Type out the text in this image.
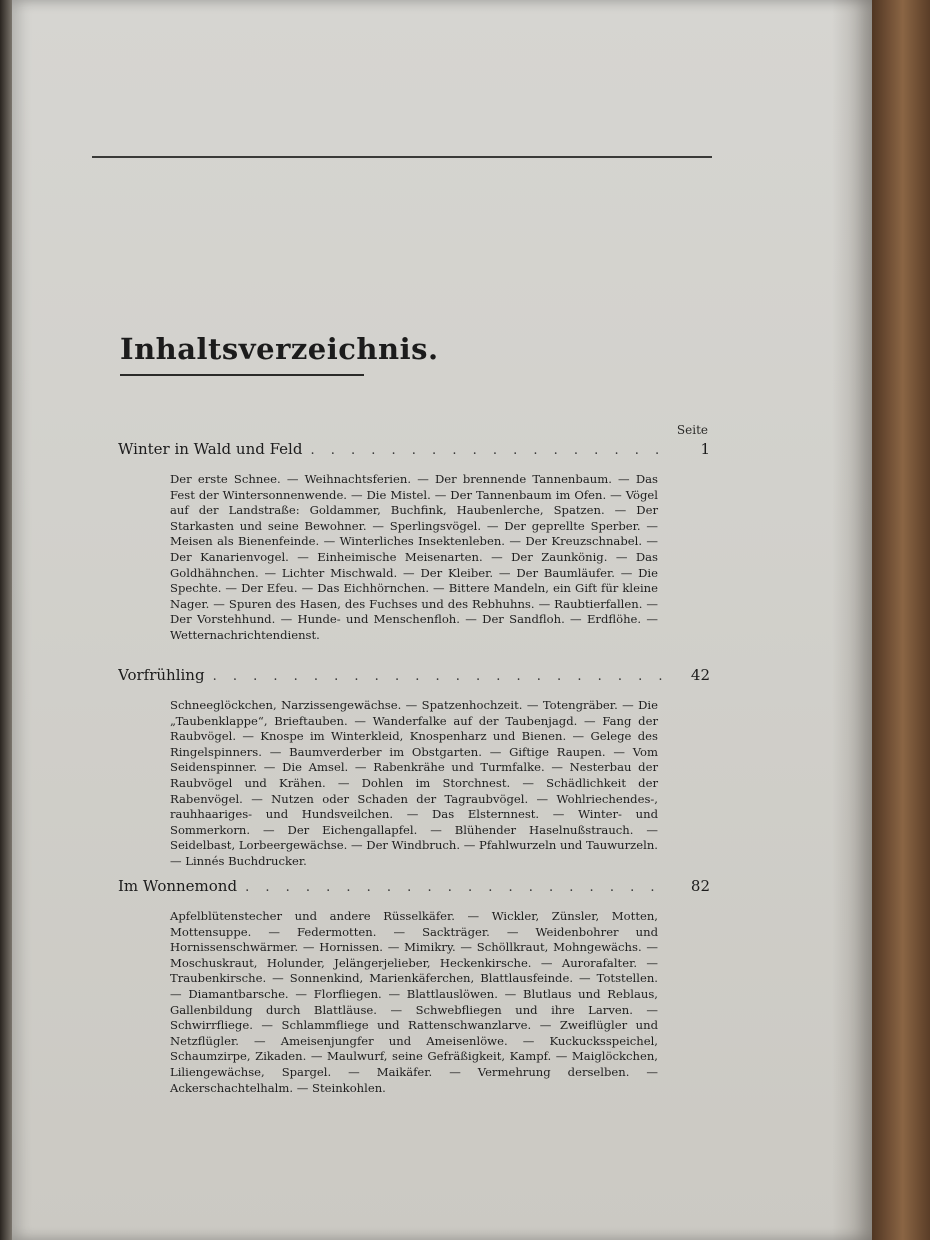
Inhaltsverzeichnis.
Seite
Winter in Wald und Feld . . .	1
Der erste Schnee. — Weihnachtsferien. — Der brennende Tannenbaum. — Das Fest der Wintersonnenwende. — Die Mistel. — Der Tannenbaum im Ofen. — Vögel auf der Landstraße: Goldammer, Buchfink, Haubenlerche, Spatzen. — Der Starkasten und seine Bewohner. — Sperlingsvögel. — Der geprellte Sperber. — Meisen als Bienenfeinde. — Winterliches Insektenleben. — Der Kreuzschnabel. — Der Kanarienvogel. — Einheimische Meisenarten. — Der Zaunkönig. — Das Goldhähnchen. — Lichter Mischwald. — Der Kleiber. — Der Baumläufer. — Die Spechte. — Der Efeu. — Das Eichhörnchen. — Bittere Mandeln, ein Gift für kleine Nager. — Spuren des Hasen, des Fuchses und des Rebhuhns. — Raubtierfallen. — Der Vorstehhund. — Hunde- und Menschenfloh. — Der Sandfloh. — Erdflöhe. — Wetternachrichtendienst.
Vorfrühling . . .	42
Schneeglöckchen, Narzissengewächse. — Spatzenhochzeit. — Totengräber. — Die „Taubenklappe“, Brieftauben. — Wanderfalke auf der Taubenjagd. — Fang der Raubvögel. — Knospe im Winterkleid, Knospenharz und Bienen. — Gelege des Ringelspinners. — Baumverderber im Obstgarten. — Giftige Raupen. — Vom Seidenspinner. — Die Amsel. — Rabenkrähe und Turmfalke. — Nesterbau der Raubvögel und Krähen. — Dohlen im Storchnest. — Schädlichkeit der Rabenvögel. — Nutzen oder Schaden der Tagraubvögel. — Wohlriechendes-, rauhhaariges- und Hundsveilchen. — Das Elsternnest. — Winter- und Sommerkorn. — Der Eichengallapfel. — Blühender Haselnußstrauch. — Seidelbast, Lorbeergewächse. — Der Windbruch. — Pfahlwurzeln und Tauwurzeln. — Linnés Buchdrucker.
Im Wonnemond . . .	82
Apfelblütenstecher und andere Rüsselkäfer. — Wickler, Zünsler, Motten, Mottensuppe. — Federmotten. — Sackträger. — Weidenbohrer und Hornissenschwärmer. — Hornissen. — Mimikry. — Schöllkraut, Mohngewächs. — Moschuskraut, Holunder, Jelängerjelieber, Heckenkirsche. — Aurorafalter. — Traubenkirsche. — Sonnenkind, Marienkäferchen, Blattlausfeinde. — Totstellen. — Diamantbarsche. — Florfliegen. — Blattlauslöwen. — Blutlaus und Reblaus, Gallenbildung durch Blattläuse. — Schwebfliegen und ihre Larven. — Schwirrfliege. — Schlammfliege und Rattenschwanzlarve. — Zweiflügler und Netzflügler. — Ameisenjungfer und Ameisenlöwe. — Kuckucksspeichel, Schaumzirpe, Zikaden. — Maulwurf, seine Gefräßigkeit, Kampf. — Maiglöckchen, Liliengewächse, Spargel. — Maikäfer. — Vermehrung derselben. — Ackerschachtelhalm. — Steinkohlen.
